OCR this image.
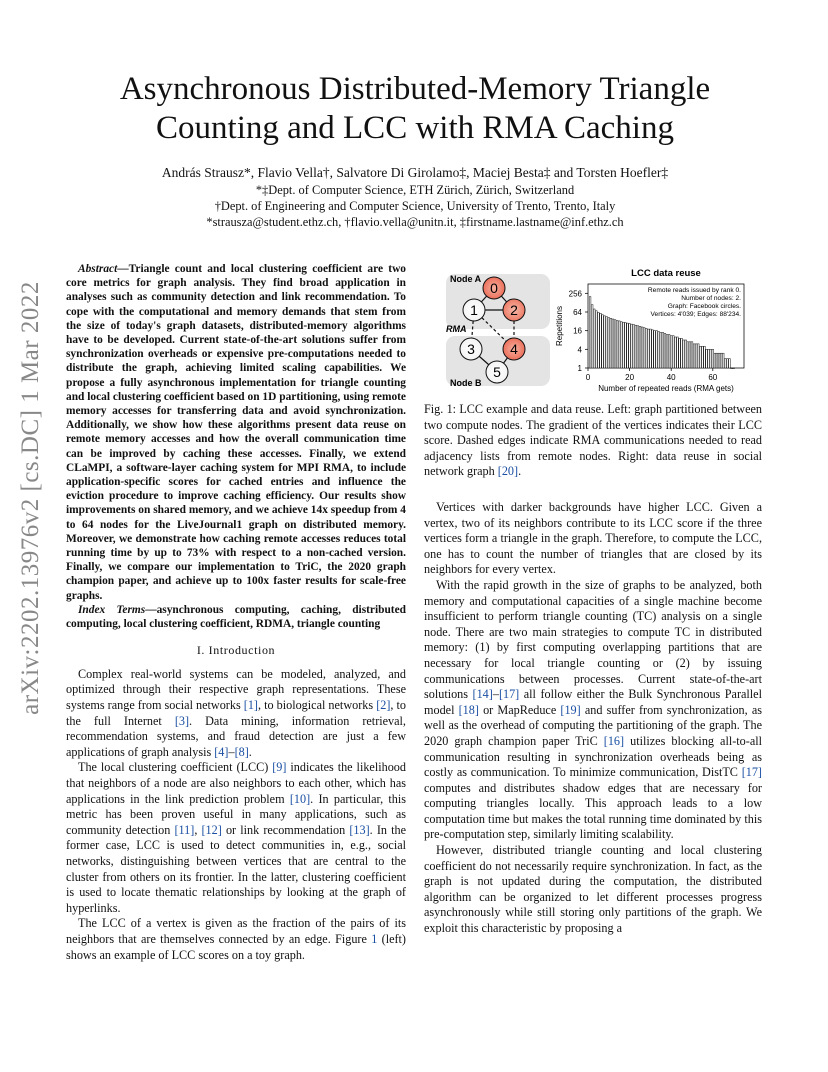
arXiv:2202.13976v2 [cs.DC] 1 Mar 2022
Asynchronous Distributed-Memory Triangle Counting and LCC with RMA Caching
András Strausz*, Flavio Vella†, Salvatore Di Girolamo‡, Maciej Besta‡ and Torsten Hoefler‡
*‡Dept. of Computer Science, ETH Zürich, Zürich, Switzerland
†Dept. of Engineering and Computer Science, University of Trento, Trento, Italy
*strausza@student.ethz.ch, †flavio.vella@unitn.it, ‡firstname.lastname@inf.ethz.ch

Abstract—Triangle count and local clustering coefficient are two core metrics for graph analysis. They find broad application in analyses such as community detection and link recommendation. To cope with the computational and memory demands that stem from the size of today's graph datasets, distributed-memory algorithms have to be developed. Current state-of-the-art solutions suffer from synchronization overheads or expensive pre-computations needed to distribute the graph, achieving limited scaling capabilities. We propose a fully asynchronous implementation for triangle counting and local clustering coefficient based on 1D partitioning, using remote memory accesses for transferring data and avoid synchronization. Additionally, we show how these algorithms present data reuse on remote memory accesses and how the overall communication time can be improved by caching these accesses. Finally, we extend CLaMPI, a software-layer caching system for MPI RMA, to include application-specific scores for cached entries and influence the eviction procedure to improve caching efficiency. Our results show improvements on shared memory, and we achieve 14x speedup from 4 to 64 nodes for the LiveJournal1 graph on distributed memory. Moreover, we demonstrate how caching remote accesses reduces total running time by up to 73% with respect to a non-cached version. Finally, we compare our implementation to TriC, the 2020 graph champion paper, and achieve up to 100x faster results for scale-free graphs.

Index Terms—asynchronous computing, caching, distributed computing, local clustering coefficient, RDMA, triangle counting

I. Introduction

Complex real-world systems can be modeled, analyzed, and optimized through their respective graph representations. These systems range from social networks [1], to biological networks [2], to the full Internet [3]. Data mining, information retrieval, recommendation systems, and fraud detection are just a few applications of graph analysis [4]–[8].

The local clustering coefficient (LCC) [9] indicates the likelihood that neighbors of a node are also neighbors to each other, which has applications in the link prediction problem [10]. In particular, this metric has been proven useful in many applications, such as community detection [11], [12] or link recommendation [13]. In the former case, LCC is used to detect communities in, e.g., social networks, distinguishing between vertices that are central to the cluster from others on its frontier. In the latter, clustering coefficient is used to locate thematic relationships by looking at the graph of hyperlinks.

The LCC of a vertex is given as the fraction of the pairs of its neighbors that are themselves connected by an edge. Figure 1 (left) shows an example of LCC scores on a toy graph.

Node A
Node B
RMA
0
1 2
3	4
5	1
4
16
64
256
0	20	40	60
LCC data reuse
Number of repeated reads (RMA gets)
Repetitions
Remote reads issued by rank 0.
Number of nodes: 2.
Graph: Facebook circles.
Vertices: 4'039; Edges: 88'234.

Fig. 1: LCC example and data reuse. Left: graph partitioned between two compute nodes. The gradient of the vertices indicates their LCC score. Dashed edges indicate RMA communications needed to read adjacency lists from remote nodes. Right: data reuse in social network graph [20].

Vertices with darker backgrounds have higher LCC. Given a vertex, two of its neighbors contribute to its LCC score if the three vertices form a triangle in the graph. Therefore, to compute the LCC, one has to count the number of triangles that are closed by its neighbors for every vertex.

With the rapid growth in the size of graphs to be analyzed, both memory and computational capacities of a single machine become insufficient to perform triangle counting (TC) analysis on a single node. There are two main strategies to compute TC in distributed memory: (1) by first computing overlapping partitions that are necessary for local triangle counting or (2) by issuing communications between processes. Current state-of-the-art solutions [14]–[17] all follow either the Bulk Synchronous Parallel model [18] or MapReduce [19] and suffer from synchronization, as well as the overhead of computing the partitioning of the graph. The 2020 graph champion paper TriC [16] utilizes blocking all-to-all communication resulting in synchronization overheads being as costly as communication. To minimize communication, DistTC [17] computes and distributes shadow edges that are necessary for computing triangles locally. This approach leads to a low computation time but makes the total running time dominated by this pre-computation step, similarly limiting scalability.

However, distributed triangle counting and local clustering coefficient do not necessarily require synchronization. In fact, as the graph is not updated during the computation, the distributed algorithm can be organized to let different processes progress asynchronously while still storing only partitions of the graph. We exploit this characteristic by proposing a
